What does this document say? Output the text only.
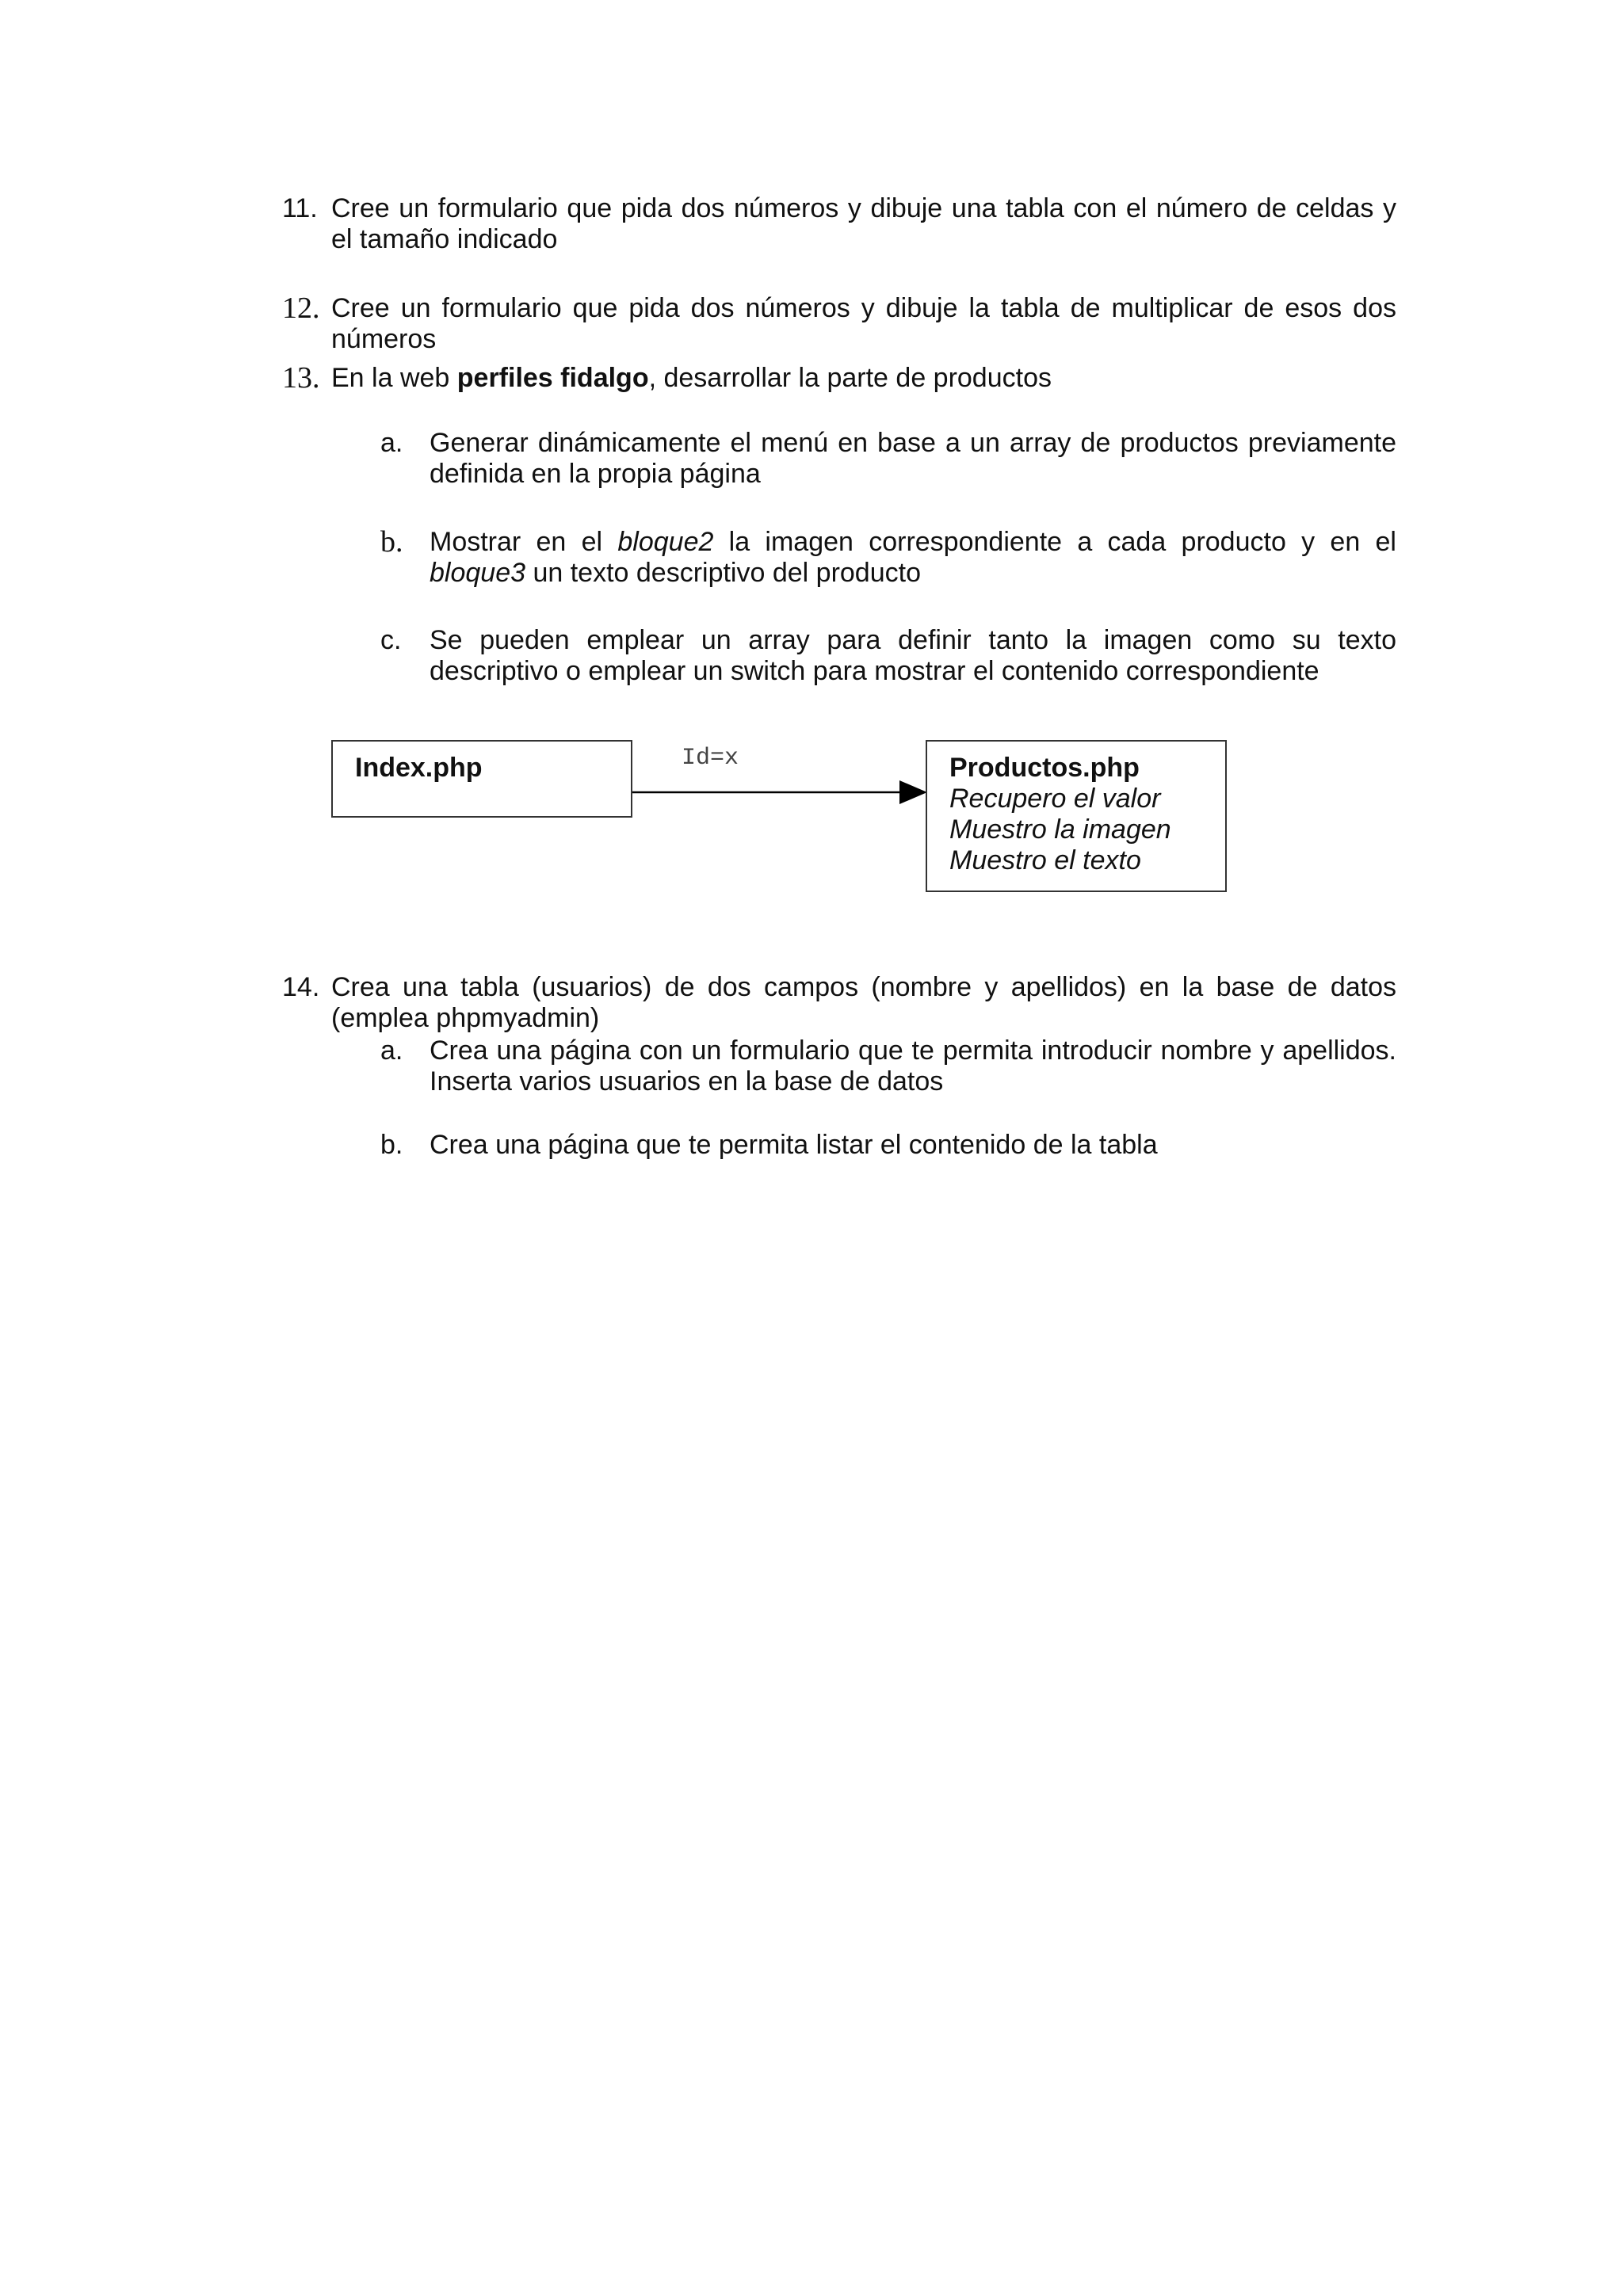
11. Cree un formulario que pida dos números y dibuje una tabla con el número de celdas y el tamaño indicado
12. Cree un formulario que pida dos números y dibuje la tabla de multiplicar de esos dos números
13. En la web perfiles fidalgo, desarrollar la parte de productos
a. Generar dinámicamente el menú en base a un array de productos previamente definida en la propia página
b. Mostrar en el bloque2 la imagen correspondiente a cada producto y en el bloque3 un texto descriptivo del producto
c. Se pueden emplear un array para definir tanto la imagen como su texto descriptivo o emplear un switch para mostrar el contenido correspondiente
Index.php	Id=x	Productos.php
Recupero el valor
Muestro la imagen
Muestro el texto
14. Crea una tabla (usuarios) de dos campos (nombre y apellidos) en la base de datos (emplea phpmyadmin)
a. Crea una página con un formulario que te permita introducir nombre y apellidos. Inserta varios usuarios en la base de datos
b. Crea una página que te permita listar el contenido de la tabla
